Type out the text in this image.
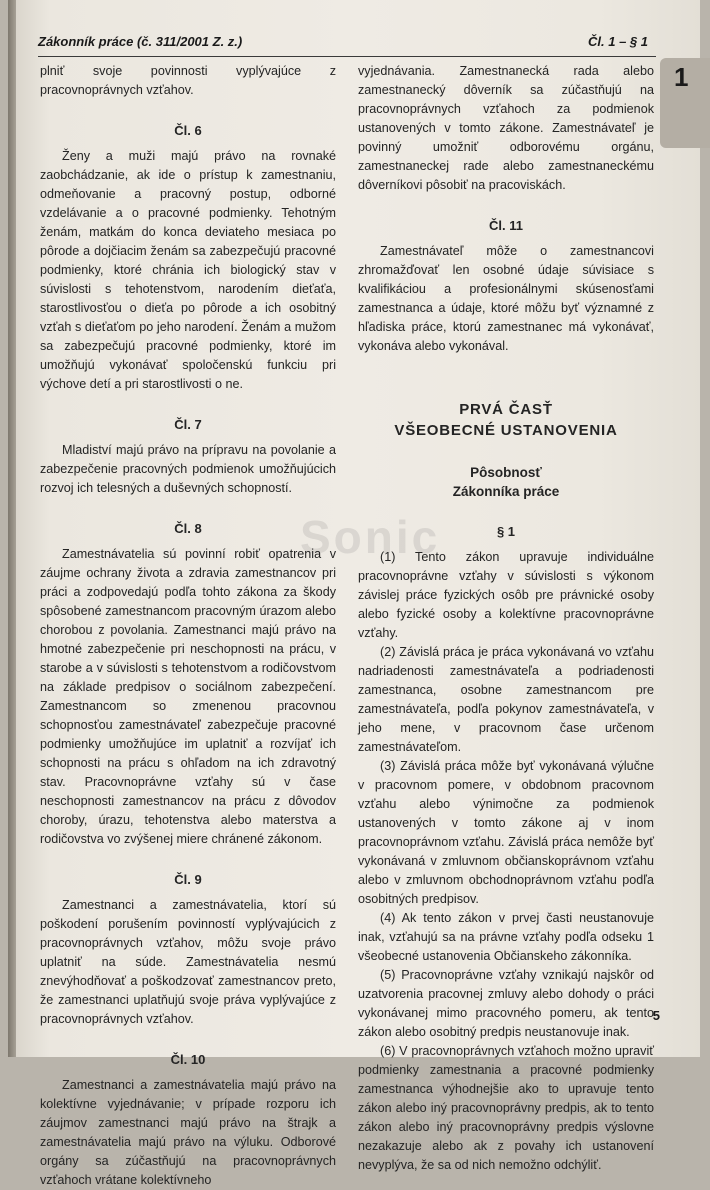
Zákonník práce (č. 311/2001 Z. z.)	Čl. 1 – § 1
1
Sonic

plniť svoje povinnosti vyplývajúce z pracovnoprávnych vzťahov.

Čl. 6

Ženy a muži majú právo na rovnaké zaobchádzanie, ak ide o prístup k zamestnaniu, odmeňovanie a pracovný postup, odborné vzdelávanie a o pracovné podmienky. Tehotným ženám, matkám do konca deviateho mesiaca po pôrode a dojčiacim ženám sa zabezpečujú pracovné podmienky, ktoré chránia ich biologický stav v súvislosti s tehotenstvom, narodením dieťaťa, starostlivosťou o dieťa po pôrode a ich osobitný vzťah s dieťaťom po jeho narodení. Ženám a mužom sa zabezpečujú pracovné podmienky, ktoré im umožňujú vykonávať spoločenskú funkciu pri výchove detí a pri starostlivosti o ne.

Čl. 7

Mladiství majú právo na prípravu na povolanie a zabezpečenie pracovných podmienok umožňujúcich rozvoj ich telesných a duševných schopností.

Čl. 8

Zamestnávatelia sú povinní robiť opatrenia v záujme ochrany života a zdravia zamestnancov pri práci a zodpovedajú podľa tohto zákona za škody spôsobené zamestnancom pracovným úrazom alebo chorobou z povolania. Zamestnanci majú právo na hmotné zabezpečenie pri neschopnosti na prácu, v starobe a v súvislosti s tehotenstvom a rodičovstvom na základe predpisov o sociálnom zabezpečení. Zamestnancom so zmenenou pracovnou schopnosťou zamestnávateľ zabezpečuje pracovné podmienky umožňujúce im uplatniť a rozvíjať ich schopnosti na prácu s ohľadom na ich zdravotný stav. Pracovnoprávne vzťahy sú v čase neschopnosti zamestnancov na prácu z dôvodov choroby, úrazu, tehotenstva alebo materstva a rodičovstva vo zvýšenej miere chránené zákonom.

Čl. 9

Zamestnanci a zamestnávatelia, ktorí sú poškodení porušením povinností vyplývajúcich z pracovnoprávnych vzťahov, môžu svoje právo uplatniť na súde. Zamestnávatelia nesmú znevýhodňovať a poškodzovať zamestnancov preto, že zamestnanci uplatňujú svoje práva vyplývajúce z pracovnoprávnych vzťahov.

Čl. 10

Zamestnanci a zamestnávatelia majú právo na kolektívne vyjednávanie; v prípade rozporu ich záujmov zamestnanci majú právo na štrajk a zamestnávatelia majú právo na výluku. Odborové orgány sa zúčastňujú na pracovnoprávnych vzťahoch vrátane kolektívneho

vyjednávania. Zamestnanecká rada alebo zamestnanecký dôverník sa zúčastňujú na pracovnoprávnych vzťahoch za podmienok ustanovených v tomto zákone. Zamestnávateľ je povinný umožniť odborovému orgánu, zamestnaneckej rade alebo zamestnaneckému dôverníkovi pôsobiť na pracoviskách.

Čl. 11

Zamestnávateľ môže o zamestnancovi zhromažďovať len osobné údaje súvisiace s kvalifikáciou a profesionálnymi skúsenosťami zamestnanca a údaje, ktoré môžu byť významné z hľadiska práce, ktorú zamestnanec má vykonávať, vykonáva alebo vykonával.

PRVÁ ČASŤ
VŠEOBECNÉ USTANOVENIA
Pôsobnosť
Zákonníka práce
§ 1

(1) Tento zákon upravuje individuálne pracovnoprávne vzťahy v súvislosti s výkonom závislej práce fyzických osôb pre právnické osoby alebo fyzické osoby a kolektívne pracovnoprávne vzťahy.

(2) Závislá práca je práca vykonávaná vo vzťahu nadriadenosti zamestnávateľa a podriadenosti zamestnanca, osobne zamestnancom pre zamestnávateľa, podľa pokynov zamestnávateľa, v jeho mene, v pracovnom čase určenom zamestnávateľom.

(3) Závislá práca môže byť vykonávaná výlučne v pracovnom pomere, v obdobnom pracovnom vzťahu alebo výnimočne za podmienok ustanovených v tomto zákone aj v inom pracovnoprávnom vzťahu. Závislá práca nemôže byť vykonávaná v zmluvnom občianskoprávnom vzťahu alebo v zmluvnom obchodnoprávnom vzťahu podľa osobitných predpisov.

(4) Ak tento zákon v prvej časti neustanovuje inak, vzťahujú sa na právne vzťahy podľa odseku 1 všeobecné ustanovenia Občianskeho zákonníka.

(5) Pracovnoprávne vzťahy vznikajú najskôr od uzatvorenia pracovnej zmluvy alebo dohody o práci vykonávanej mimo pracovného pomeru, ak tento zákon alebo osobitný predpis neustanovuje inak.

(6) V pracovnoprávnych vzťahoch možno upraviť podmienky zamestnania a pracovné podmienky zamestnanca výhodnejšie ako to upravuje tento zákon alebo iný pracovnoprávny predpis, ak to tento zákon alebo iný pracovnoprávny predpis výslovne nezakazuje alebo ak z povahy ich ustanovení nevyplýva, že sa od nich nemožno odchýliť.

5
